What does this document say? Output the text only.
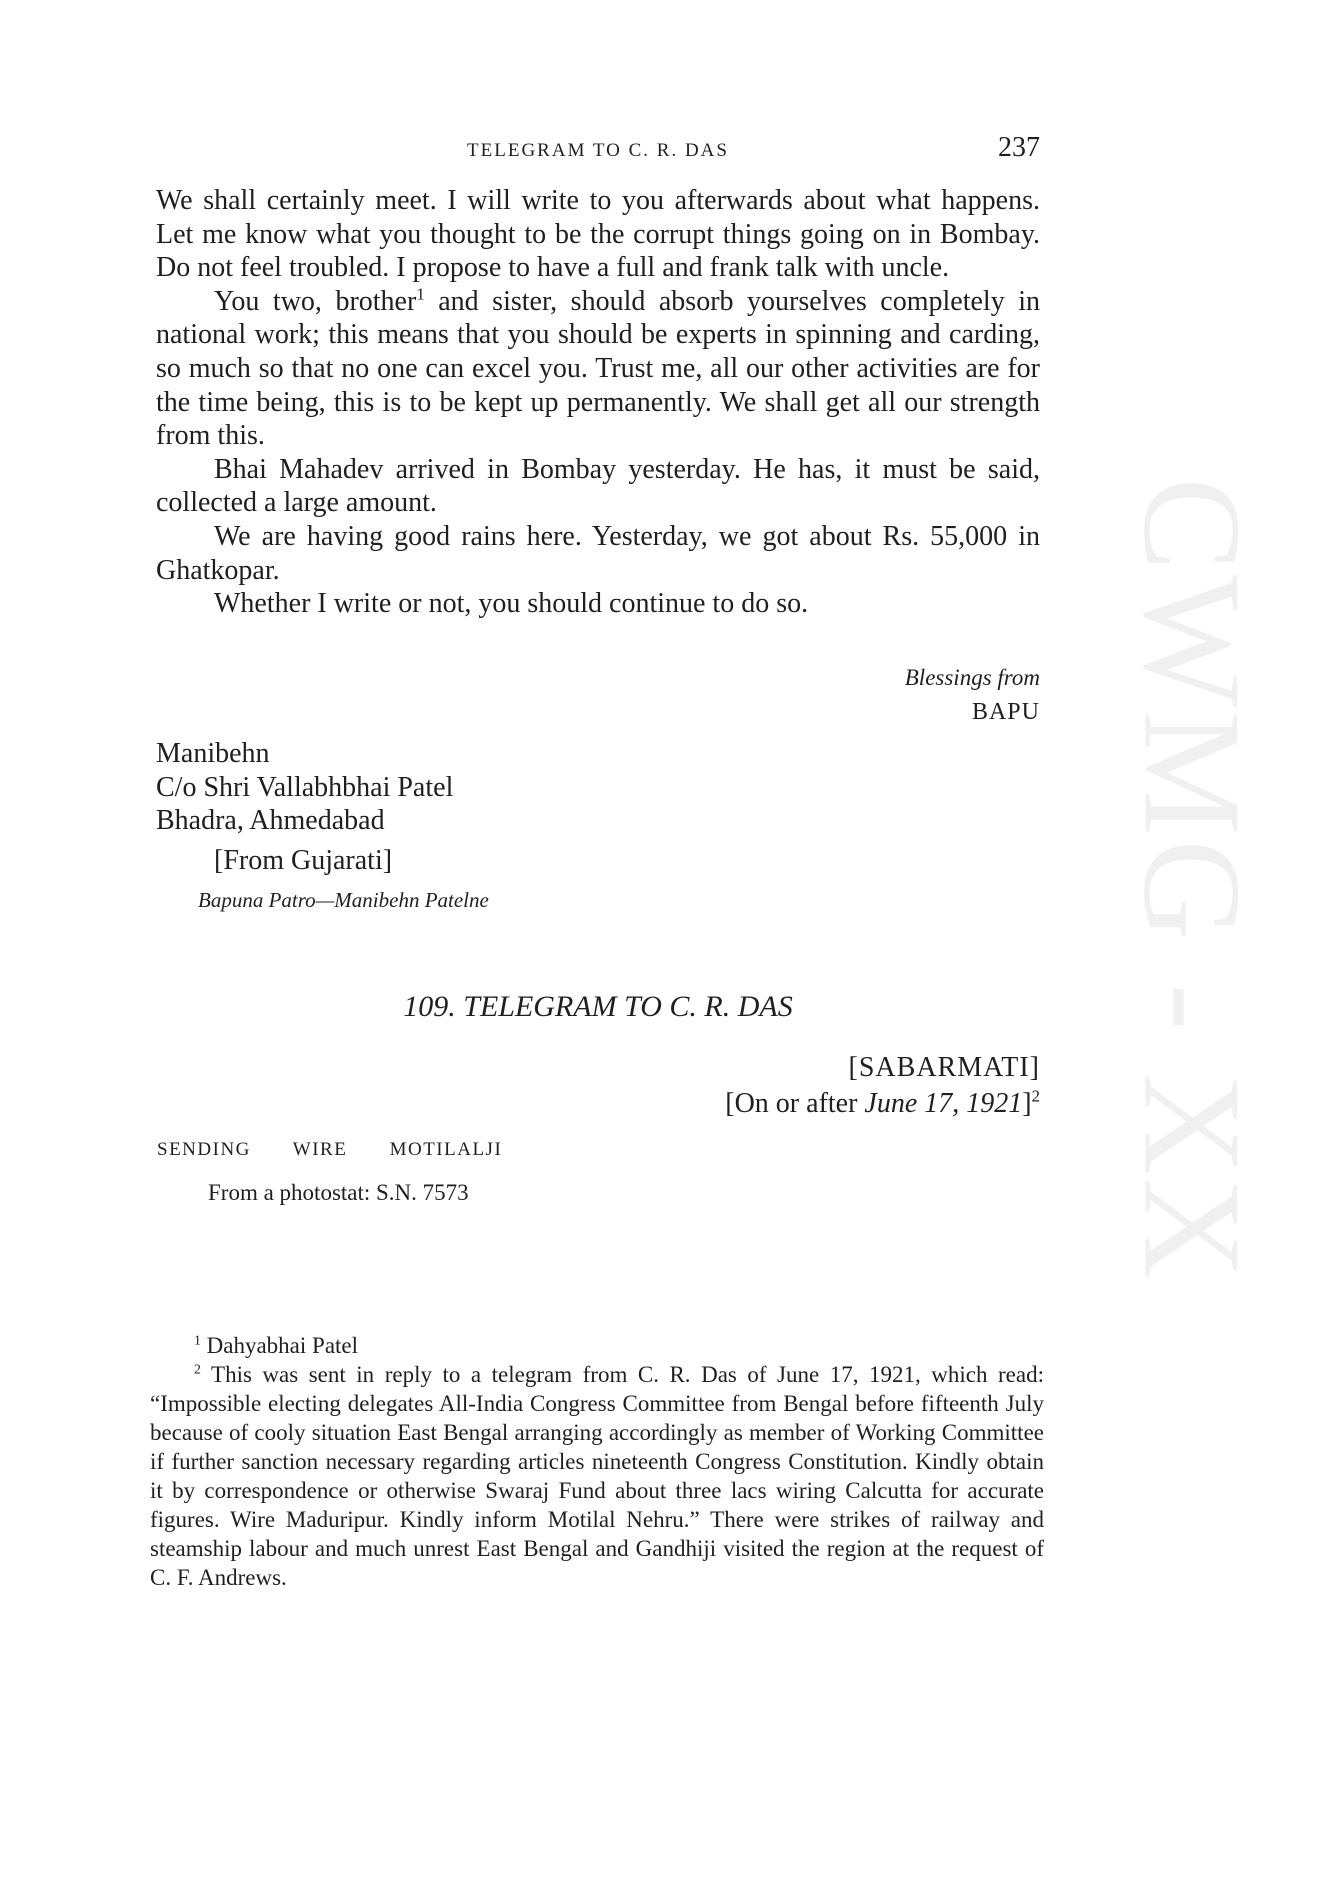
CWMG - XX
TELEGRAM TO C. R. DAS	237

We shall certainly meet. I will write to you afterwards about what happens. Let me know what you thought to be the corrupt things going on in Bombay. Do not feel troubled. I propose to have a full and frank talk with uncle.

You two, brother$^1$ and sister, should absorb yourselves completely in national work; this means that you should be experts in spinning and carding, so much so that no one can excel you. Trust me, all our other activities are for the time being, this is to be kept up permanently. We shall get all our strength from this.

Bhai Mahadev arrived in Bombay yesterday. He has, it must be said, collected a large amount.

We are having good rains here. Yesterday, we got about Rs. 55,000 in Ghatkopar.

Whether I write or not, you should continue to do so.

Blessings from
BAPU
Manibehn
C/o Shri Vallabhbhai Patel
Bhadra, Ahmedabad
[From Gujarati]
Bapuna Patro—Manibehn Patelne
109. TELEGRAM TO C. R. DAS
[SABARMATI]
[On or after June 17, 1921]$^2$
SENDING WIRE MOTILALJI
From a photostat: S.N. 7573

$^1$ Dahyabhai Patel

$^2$ This was sent in reply to a telegram from C. R. Das of June 17, 1921, which read: “Impossible electing delegates All-India Congress Committee from Bengal before fifteenth July because of cooly situation East Bengal arranging accordingly as member of Working Committee if further sanction necessary regarding articles nineteenth Congress Constitution. Kindly obtain it by correspondence or otherwise Swaraj Fund about three lacs wiring Calcutta for accurate figures. Wire Maduripur. Kindly inform Motilal Nehru.” There were strikes of railway and steamship labour and much unrest East Bengal and Gandhiji visited the region at the request of C. F. Andrews.
